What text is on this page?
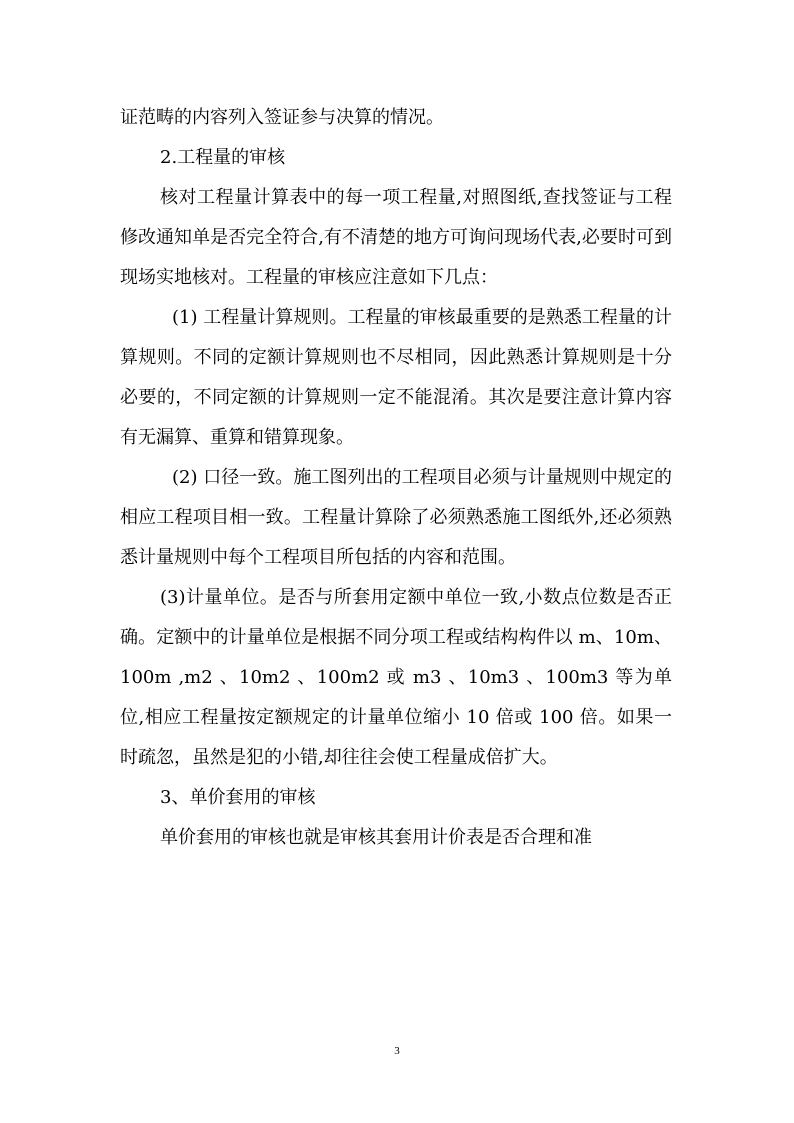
证范畴的内容列入签证参与决算的情况。

2.工程量的审核

核对工程量计算表中的每一项工程量,对照图纸,查找签证与工程修改通知单是否完全符合,有不清楚的地方可询问现场代表,必要时可到现场实地核对。工程量的审核应注意如下几点：

(1) 工程量计算规则。工程量的审核最重要的是熟悉工程量的计算规则。不同的定额计算规则也不尽相同，因此熟悉计算规则是十分必要的，不同定额的计算规则一定不能混淆。其次是要注意计算内容有无漏算、重算和错算现象。

(2) 口径一致。施工图列出的工程项目必须与计量规则中规定的相应工程项目相一致。工程量计算除了必须熟悉施工图纸外,还必须熟悉计量规则中每个工程项目所包括的内容和范围。

(3)计量单位。是否与所套用定额中单位一致,小数点位数是否正确。定额中的计量单位是根据不同分项工程或结构构件以 m、10m、100m ,m2 、10m2 、100m2 或 m3 、10m3 、100m3 等为单位,相应工程量按定额规定的计量单位缩小 10 倍或 100 倍。如果一时疏忽，虽然是犯的小错,却往往会使工程量成倍扩大。

3、单价套用的审核

单价套用的审核也就是审核其套用计价表是否合理和准

3
